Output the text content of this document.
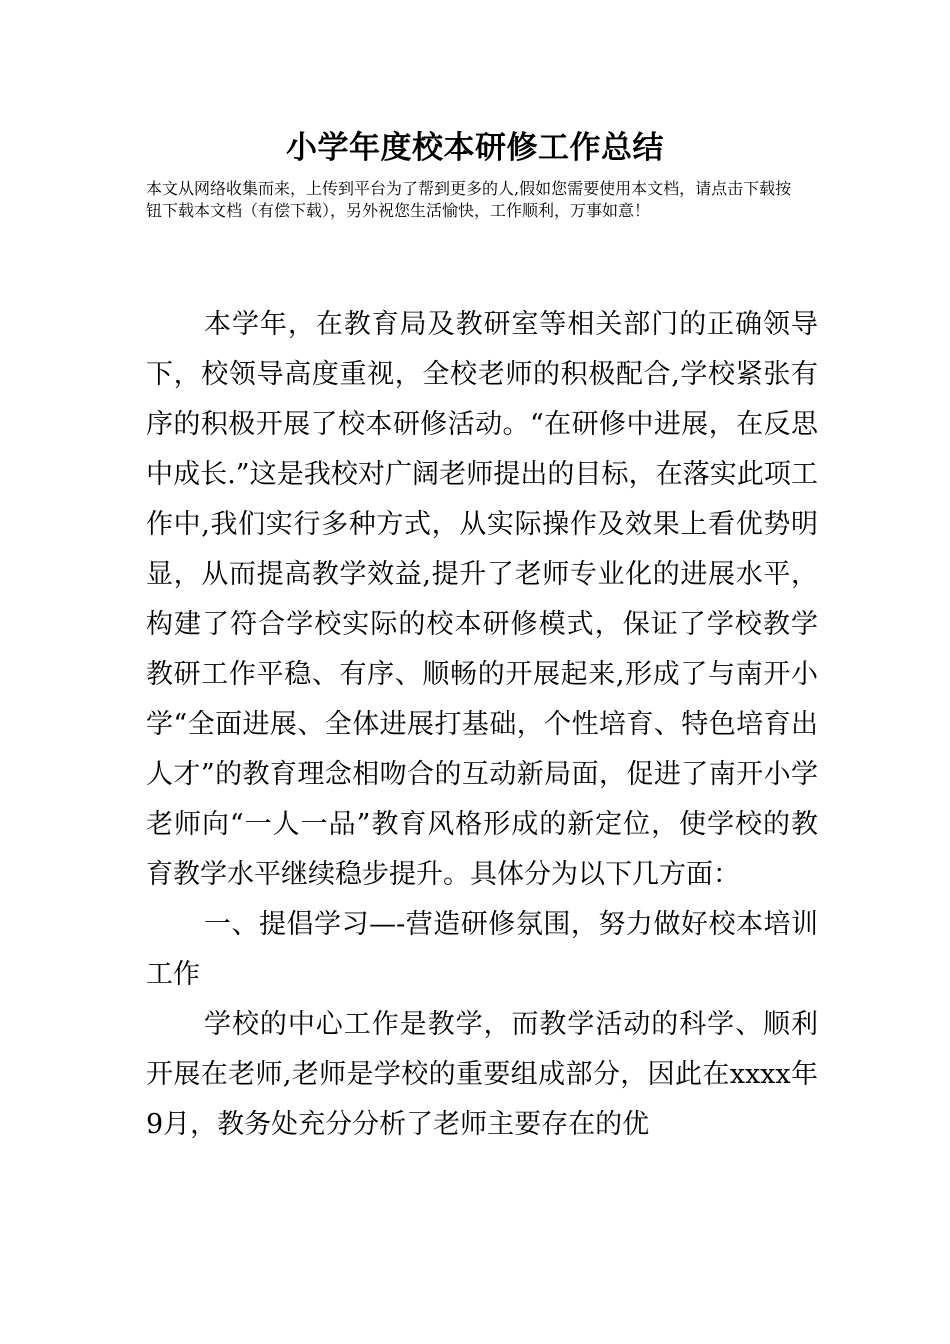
小学年度校本研修工作总结

本文从网络收集而来，上传到平台为了帮到更多的人,假如您需要使用本文档，请点击下载按钮下载本文档（有偿下载），另外祝您生活愉快，工作顺利，万事如意！

本学年，在教育局及教研室等相关部门的正确领导下，校领导高度重视，全校老师的积极配合,学校紧张有序的积极开展了校本研修活动。“在研修中进展，在反思中成长.”这是我校对广阔老师提出的目标，在落实此项工作中,我们实行多种方式，从实际操作及效果上看优势明显，从而提高教学效益,提升了老师专业化的进展水平，构建了符合学校实际的校本研修模式，保证了学校教学教研工作平稳、有序、顺畅的开展起来,形成了与南开小学“全面进展、全体进展打基础，个性培育、特色培育出人才”的教育理念相吻合的互动新局面，促进了南开小学老师向“一人一品”教育风格形成的新定位，使学校的教育教学水平继续稳步提升。具体分为以下几方面：

一、提倡学习—-营造研修氛围，努力做好校本培训工作

学校的中心工作是教学，而教学活动的科学、顺利开展在老师,老师是学校的重要组成部分，因此在xxxx年9月，教务处充分分析了老师主要存在的优
